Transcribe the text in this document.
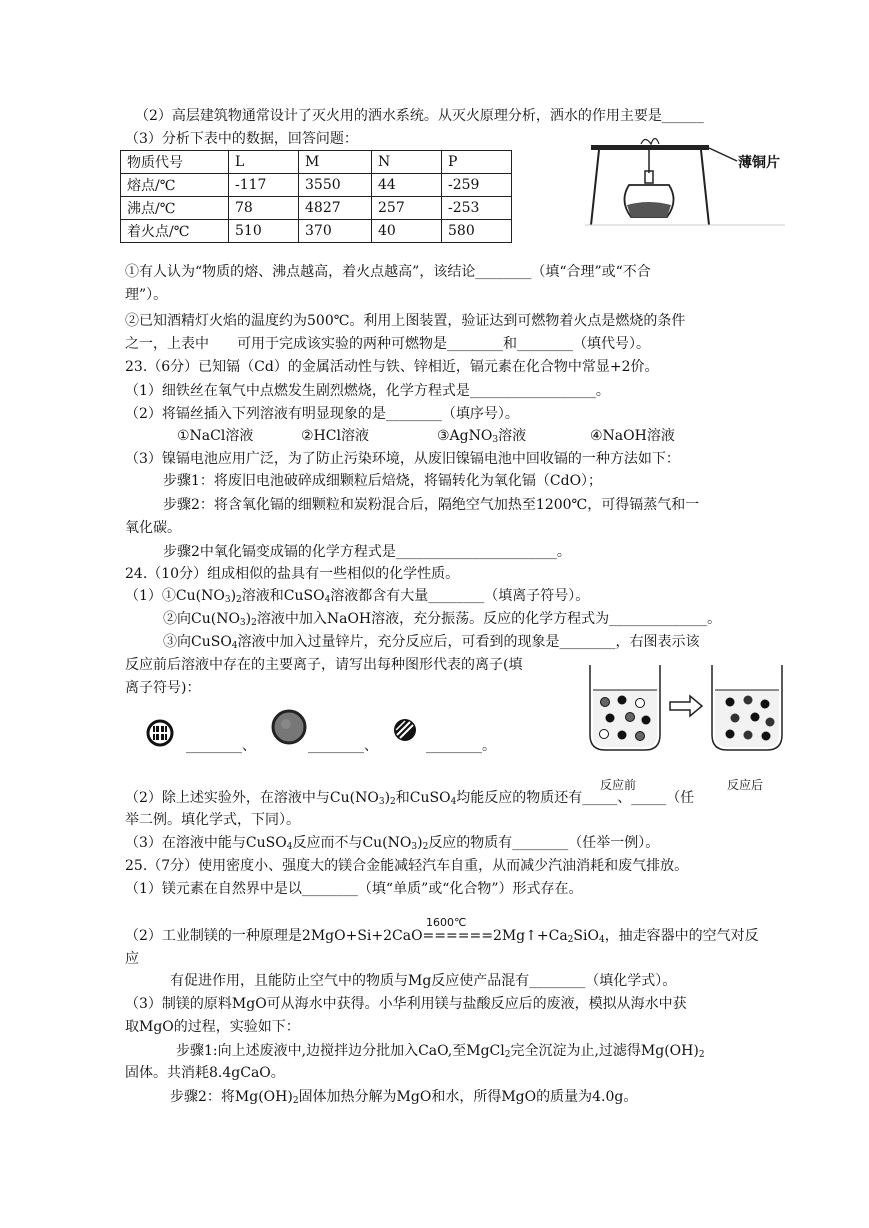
（2）高层建筑物通常设计了灭火用的洒水系统。从灭火原理分析，洒水的作用主要是______
（3）分析下表中的数据，回答问题：
物质代号	L	M	N	P
熔点/℃	-117	3550	44	-259
沸点/℃	78	4827	257	-253
着火点/℃	510	370	40	580
薄铜片
①有人认为“物质的熔、沸点越高，着火点越高”，该结论________（填“合理”或“不合
理”）。
②已知酒精灯火焰的温度约为500℃。利用上图装置，验证达到可燃物着火点是燃烧的条件
之一，上表中　　可用于完成该实验的两种可燃物是________和________（填代号）。
23.（6分）已知镉（Cd）的金属活动性与铁、锌相近，镉元素在化合物中常显+2价。
（1）细铁丝在氧气中点燃发生剧烈燃烧，化学方程式是__________________。
（2）将镉丝插入下列溶液有明显现象的是________（填序号）。
①NaCl溶液	②HCl溶液	③AgNO$_3$溶液	④NaOH溶液
（3）镍镉电池应用广泛，为了防止污染环境，从废旧镍镉电池中回收镉的一种方法如下：
步骤1：将废旧电池破碎成细颗粒后焙烧，将镉转化为氧化镉（CdO）；
步骤2：将含氧化镉的细颗粒和炭粉混合后，隔绝空气加热至1200℃，可得镉蒸气和一
氧化碳。
步骤2中氧化镉变成镉的化学方程式是_______________________。
24.（10分）组成相似的盐具有一些相似的化学性质。
$(1)①Cu(NO_3)_2$溶液和CuSO$_4$溶液都含有大量________（填离子符号）。
②向$Cu(NO_3)_2$溶液中加入NaOH溶液，充分振荡。反应的化学方程式为______________。
③向CuSO$_4$溶液中加入过量锌片，充分反应后，可看到的现象是________，右图表示该
反应前后溶液中存在的主要离子，请写出每种图形代表的离子(填
离子符号)：
________、	________、	________。
反应前	反应后
（2）除上述实验外，在溶液中与$Cu(NO_3)_2$和CuSO$_4$均能反应的物质还有_____、_____（任
举二例。填化学式，下同）。
（3）在溶液中能与CuSO$_4$反应而不与$Cu(NO_3)_2$反应的物质有________（任举一例）。
25.（7分）使用密度小、强度大的镁合金能减轻汽车自重，从而减少汽油消耗和废气排放。
（1）镁元素在自然界中是以________（填“单质”或“化合物”）形式存在。
1600℃
（2）工业制镁的一种原理是$2MgO+Si+2CaO======2Mg↑+Ca_2SiO_4$，抽走容器中的空气对反
应
有促进作用，且能防止空气中的物质与Mg反应使产品混有________（填化学式）。
（3）制镁的原料MgO可从海水中获得。小华利用镁与盐酸反应后的废液，模拟从海水中获
取MgO的过程，实验如下：
步骤1:向上述废液中,边搅拌边分批加入CaO,至MgCl$_2$完全沉淀为止,过滤得$Mg(OH)_2$
固体。共消耗8.4gCaO。
步骤2：将$Mg(OH)_2$固体加热分解为MgO和水，所得MgO的质量为4.0g。
